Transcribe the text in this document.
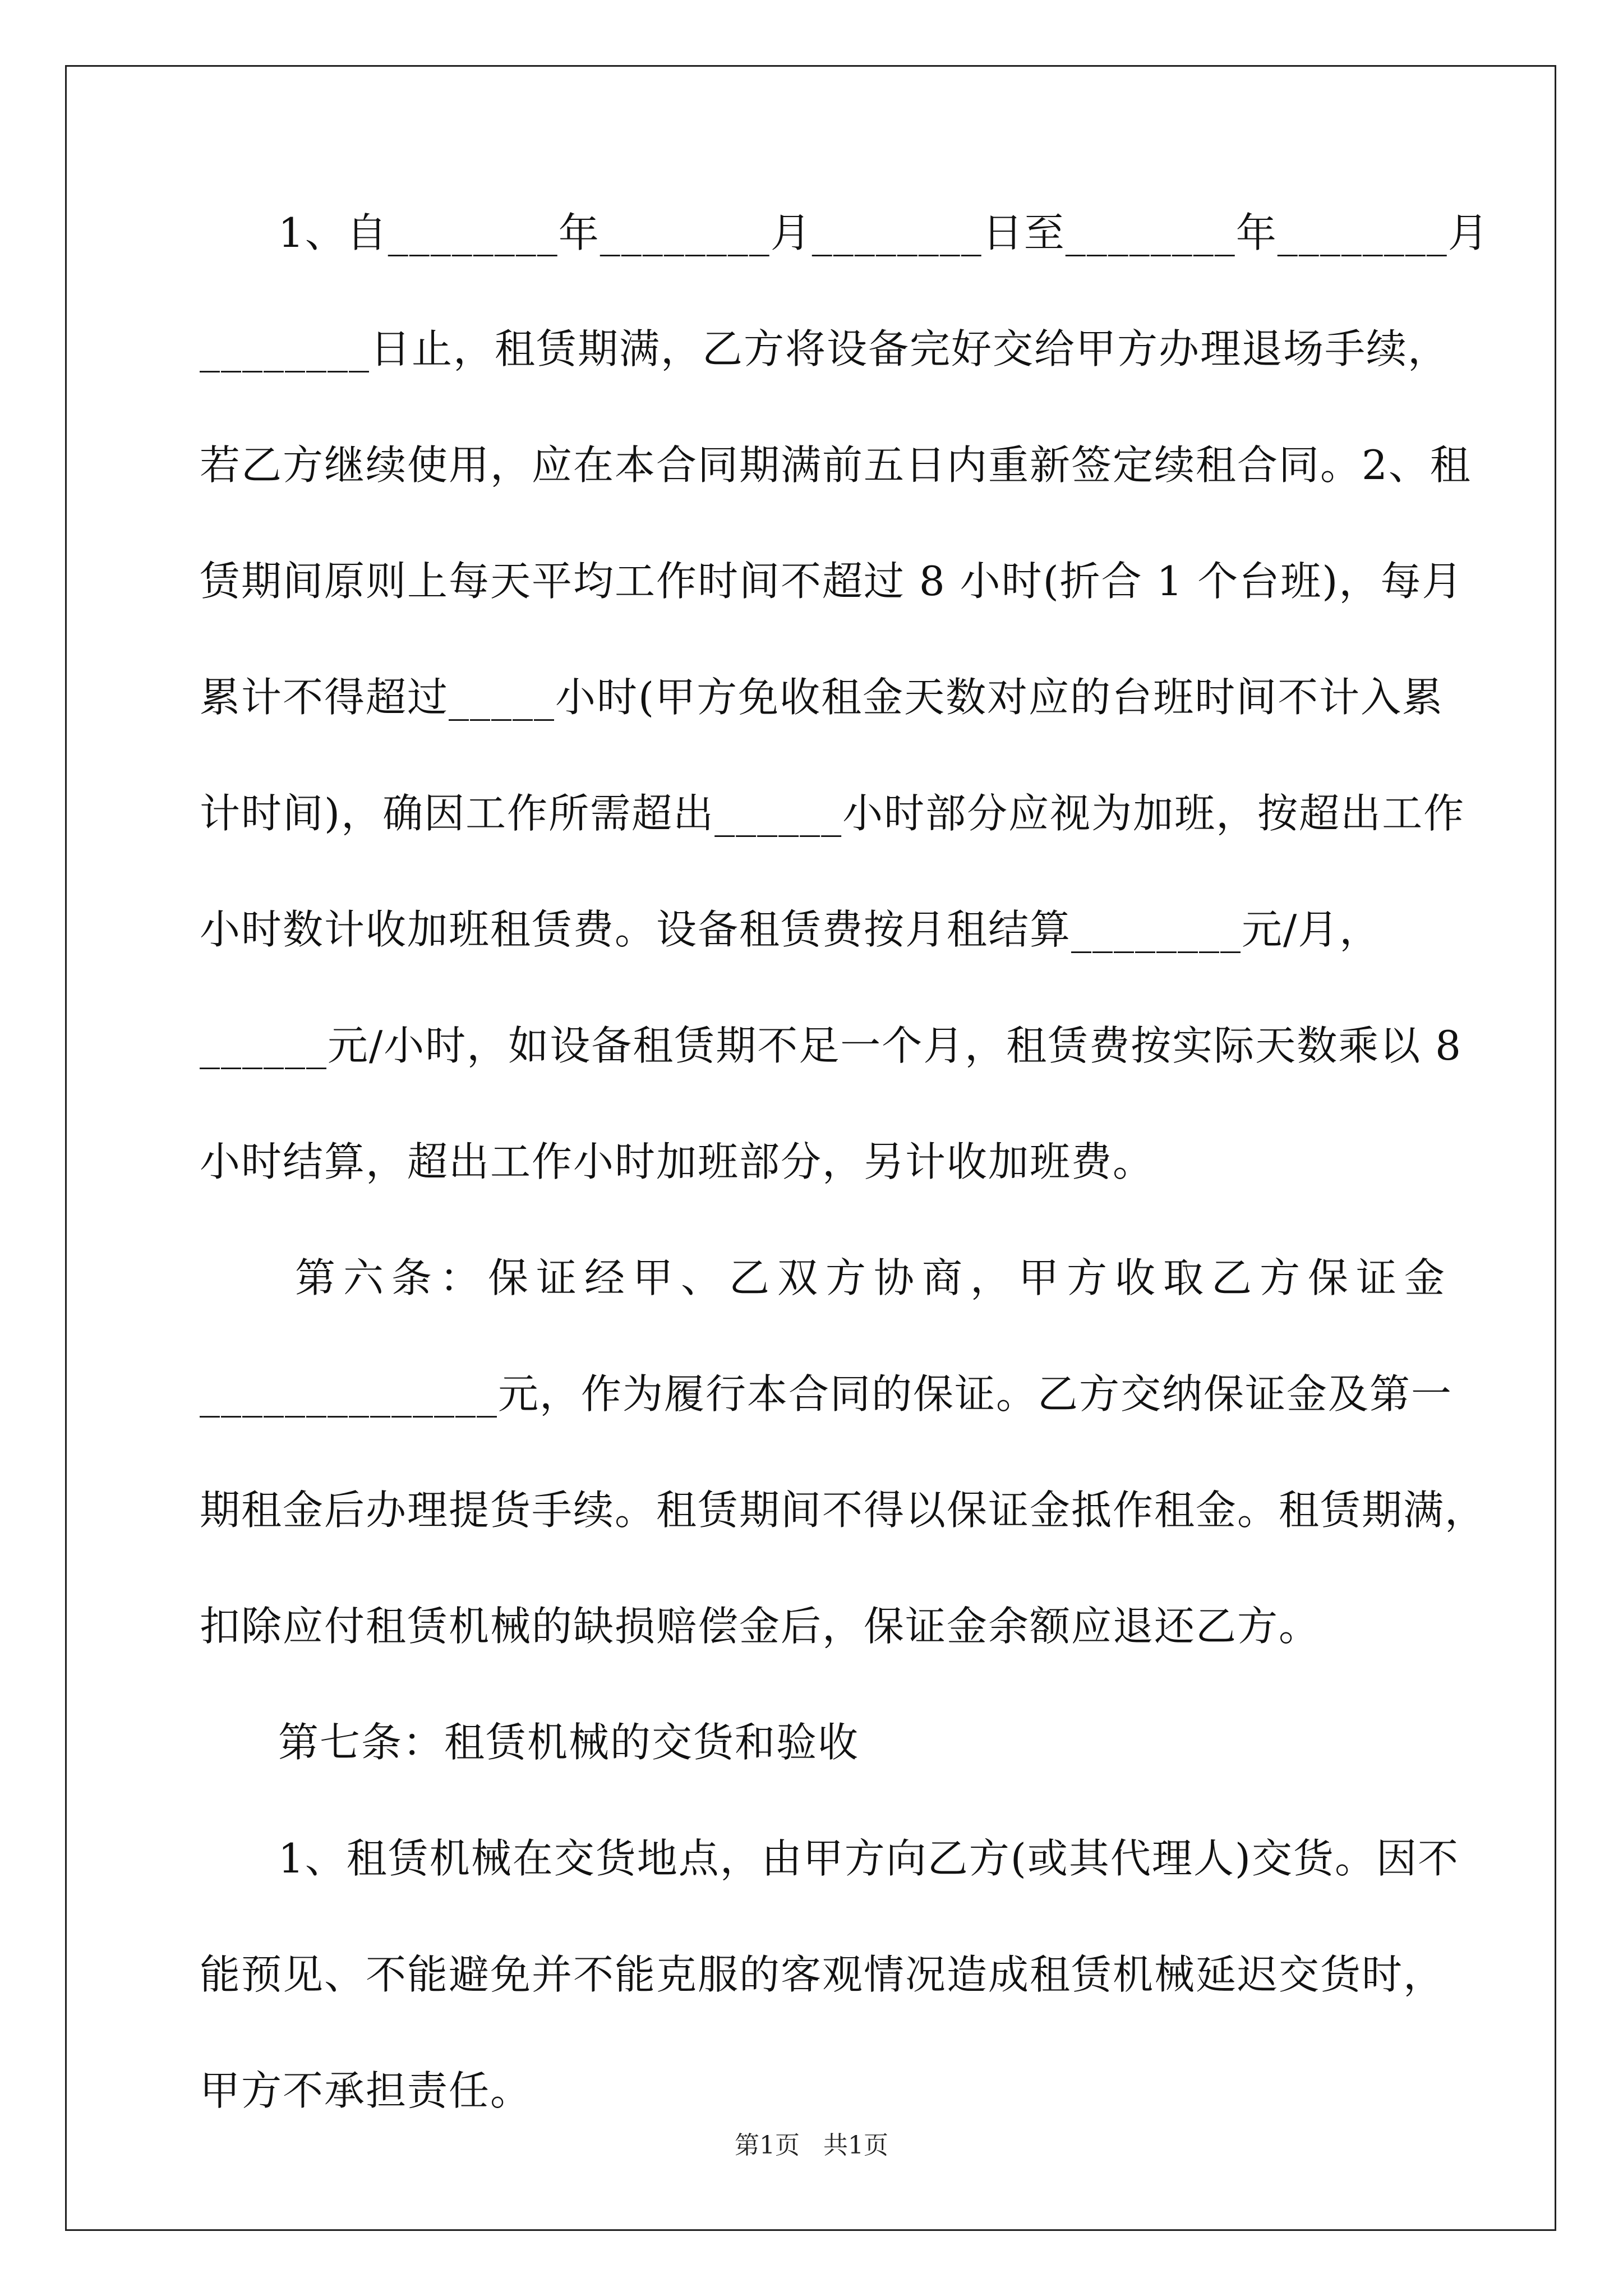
1、自________年________月________日至________年________月
________日止，租赁期满，乙方将设备完好交给甲方办理退场手续，
若乙方继续使用，应在本合同期满前五日内重新签定续租合同。2、租
赁期间原则上每天平均工作时间不超过 8 小时(折合 1 个台班)，每月
累计不得超过_____小时(甲方免收租金天数对应的台班时间不计入累
计时间)，确因工作所需超出______小时部分应视为加班，按超出工作
小时数计收加班租赁费。设备租赁费按月租结算________元/月，
______元/小时，如设备租赁期不足一个月，租赁费按实际天数乘以 8
小时结算，超出工作小时加班部分，另计收加班费。
第六条：保证经甲、乙双方协商，甲方收取乙方保证金
______________元，作为履行本合同的保证。乙方交纳保证金及第一
期租金后办理提货手续。租赁期间不得以保证金抵作租金。租赁期满，
扣除应付租赁机械的缺损赔偿金后，保证金余额应退还乙方。
第七条：租赁机械的交货和验收
1、租赁机械在交货地点，由甲方向乙方(或其代理人)交货。因不
能预见、不能避免并不能克服的客观情况造成租赁机械延迟交货时，
甲方不承担责任。
第1页   共1页
